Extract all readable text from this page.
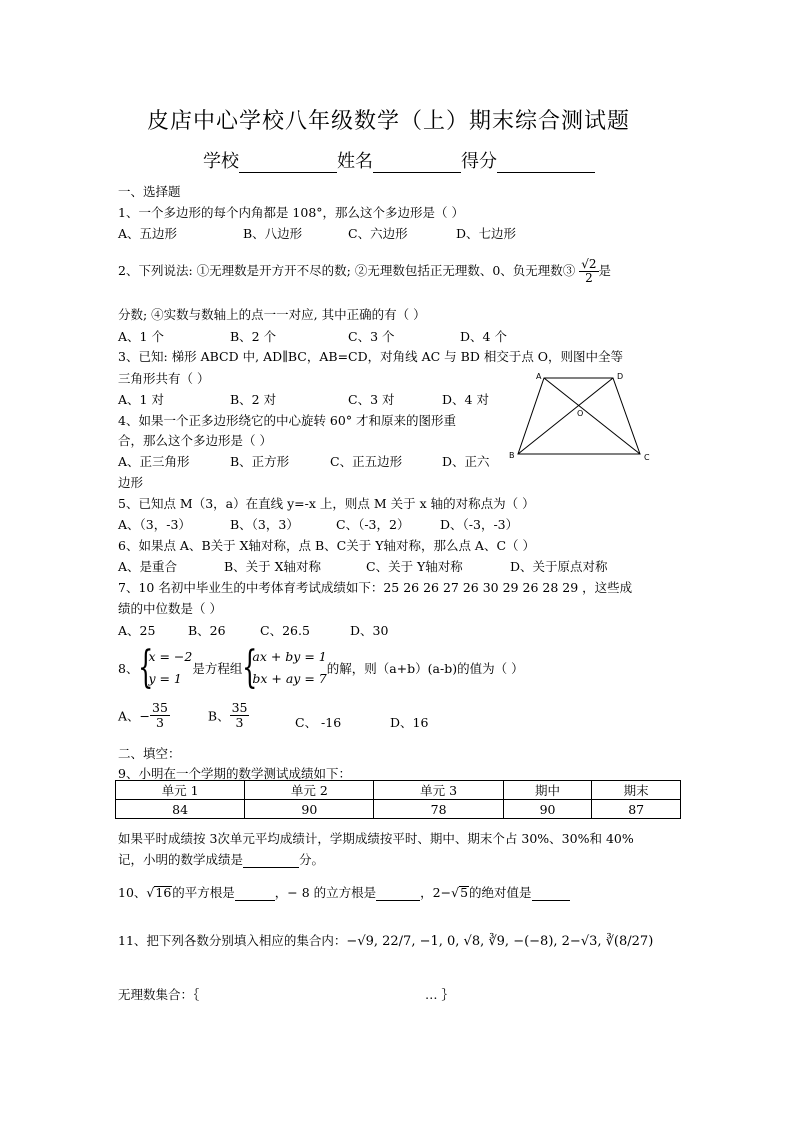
皮店中心学校八年级数学（上）期末综合测试题
学校	姓名	得分
一、选择题
1、一个多边形的每个内角都是 108°，那么这个多边形是（ ）
A、五边形	B、八边形	C、六边形	D、七边形
2、下列说法: ①无理数是开方开不尽的数; ②无理数包括正无理数、0、负无理数③ $\frac{√2}{2}$ 是
分数; ④实数与数轴上的点一一对应, 其中正确的有（ ）
A、1 个	B、2 个	C、3 个	D、4 个
3、已知: 梯形 ABCD 中, AD∥BC，AB=CD，对角线 AC 与 BD 相交于点 O，则图中全等
三角形共有（ ）
A、1 对	B、2 对	C、3 对	D、4 对
A	D
O
B	C
4、如果一个正多边形绕它的中心旋转 60° 才和原来的图形重
合，那么这个多边形是（ ）
A、正三角形	B、正方形	C、正五边形	D、正六
边形
5、已知点 M（3，a）在直线 y=-x 上，则点 M 关于 x 轴的对称点为（ ）
A、（3，-3）	B、（3，3）	C、（-3，2） D、（-3，-3）
6、如果点 A、B关于 X轴对称，点 B、C关于 Y轴对称，那么点 A、C（ ）
A、是重合	B、关于 X轴对称	C、关于 Y轴对称	D、关于原点对称
7、10 名初中毕业生的中考体育考试成绩如下：25 26 26 27 26 30 29 26 28 29 ，这些成
绩的中位数是（ ）
A、25	B、26	C、26.5	D、30
8、 {
x = −2
y = 1
是方程组 {
ax + by = 1
bx + ay = 7
的解，则（a+b）(a-b)的值为（ ）
A、− $\frac{35}{3}$	B、 $\frac{35}{3}$	C、 -16	D、16
二、填空：
9、小明在一个学期的数学测试成绩如下：
单元 1	单元 2	单元 3	期中	期末
84	90	78	90	87
如果平时成绩按 3次单元平均成绩计，学期成绩按平时、期中、期末个占 30%、30%和 40%
记，小明的数学成绩是	分。
10、√16的平方根是	，− 8 的立方根是	，2−√5的绝对值是
11、把下列各数分别填入相应的集合内：−√9, 22/7, −1, 0, √8, ∛9, −(−8), 2−√3, ∛(8/27)
无理数集合：｛	… ｝
